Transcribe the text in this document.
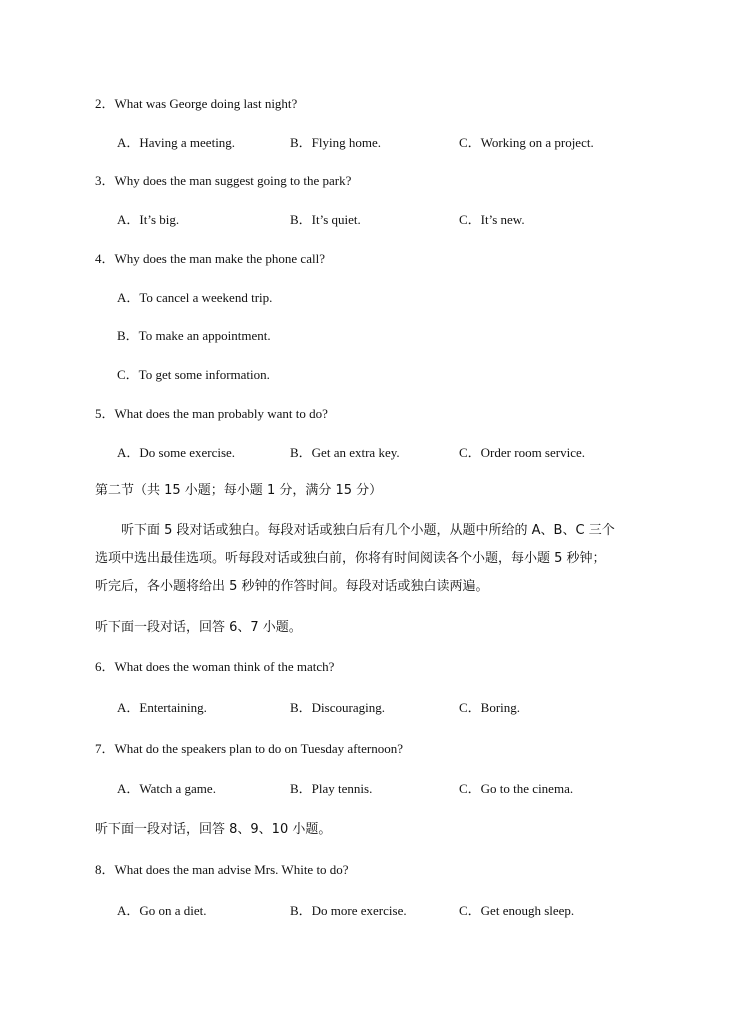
2．What was George doing last night?
A．Having a meeting.	B．Flying home.	C．Working on a project.
3．Why does the man suggest going to the park?
A．It’s big.	B．It’s quiet.	C．It’s new.
4．Why does the man make the phone call?
A．To cancel a weekend trip.
B．To make an appointment.
C．To get some information.
5．What does the man probably want to do?
A．Do some exercise.	B．Get an extra key.	C．Order room service.
第二节（共 15 小题；每小题 1 分，满分 15 分）
听下面 5 段对话或独白。每段对话或独白后有几个小题，从题中所给的 A、B、C 三个
选项中选出最佳选项。听每段对话或独白前，你将有时间阅读各个小题，每小题 5 秒钟；
听完后，各小题将给出 5 秒钟的作答时间。每段对话或独白读两遍。
听下面一段对话，回答 6、7 小题。
6．What does the woman think of the match?
A．Entertaining.	B．Discouraging.	C．Boring.
7．What do the speakers plan to do on Tuesday afternoon?
A．Watch a game.	B．Play tennis.	C．Go to the cinema.
听下面一段对话，回答 8、9、10 小题。
8．What does the man advise Mrs. White to do?
A．Go on a diet.	B．Do more exercise.	C．Get enough sleep.
